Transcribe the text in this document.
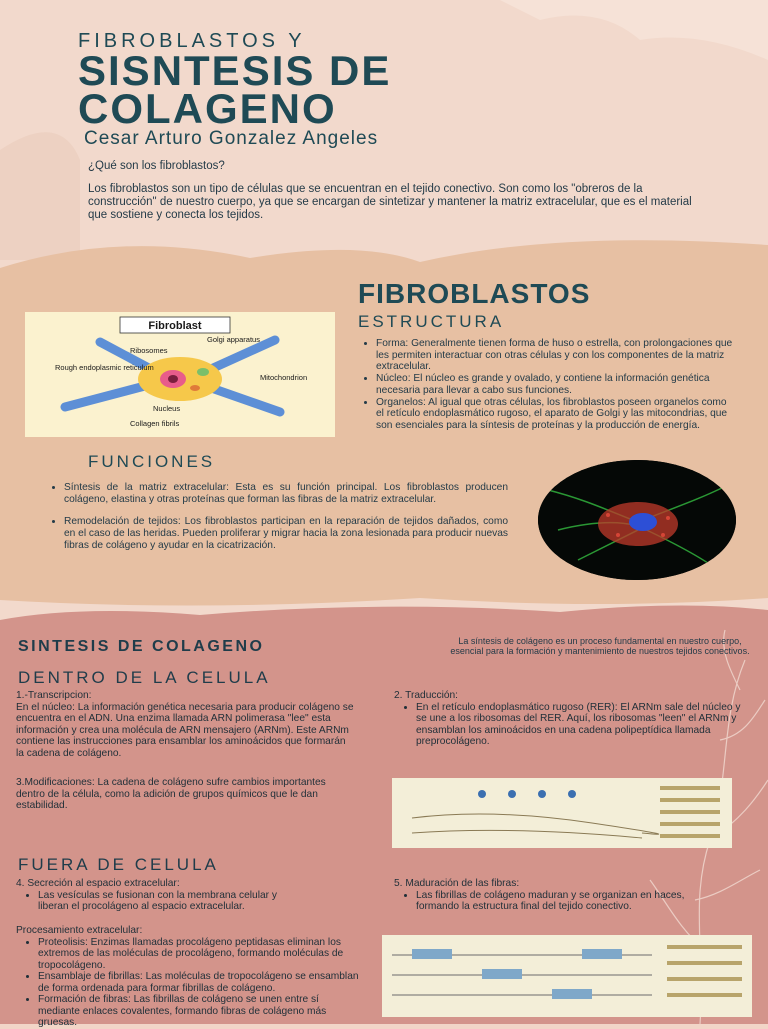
FIBROBLASTOS Y
SISNTESIS DE
COLAGENO
Cesar Arturo Gonzalez Angeles
¿Qué son los fibroblastos?
Los fibroblastos son un tipo de células que se encuentran en el tejido conectivo. Son como los "obreros de la construcción" de nuestro cuerpo, ya que se encargan de sintetizar y mantener la matriz extracelular, que es el material que sostiene y conecta los tejidos.
Fibroblast
Golgi apparatus
Ribosomes
Rough endoplasmic reticulum
Mitochondrion
Nucleus
Collagen fibrils
FIBROBLASTOS
ESTRUCTURA
• Forma: Generalmente tienen forma de huso o estrella, con prolongaciones que les permiten interactuar con otras células y con los componentes de la matriz extracelular.
• Núcleo: El núcleo es grande y ovalado, y contiene la información genética necesaria para llevar a cabo sus funciones.
• Organelos: Al igual que otras células, los fibroblastos poseen organelos como el retículo endoplasmático rugoso, el aparato de Golgi y las mitocondrias, que son esenciales para la síntesis de proteínas y la producción de energía.
FUNCIONES
• Síntesis de la matriz extracelular: Esta es su función principal. Los fibroblastos producen colágeno, elastina y otras proteínas que forman las fibras de la matriz extracelular.
• Remodelación de tejidos: Los fibroblastos participan en la reparación de tejidos dañados, como en el caso de las heridas. Pueden proliferar y migrar hacia la zona lesionada para producir nuevas fibras de colágeno y ayudar en la cicatrización.
SINTESIS DE COLAGENO	La síntesis de colágeno es un proceso fundamental en nuestro cuerpo, esencial para la formación y mantenimiento de nuestros tejidos conectivos.
DENTRO DE LA CELULA
1.-Transcripcion:
En el núcleo: La información genética necesaria para producir colágeno se encuentra en el ADN. Una enzima llamada ARN polimerasa "lee" esta información y crea una molécula de ARN mensajero (ARNm). Este ARNm contiene las instrucciones para ensamblar los aminoácidos que formarán la cadena de colágeno.
2. Traducción:
• En el retículo endoplasmático rugoso (RER): El ARNm sale del núcleo y se une a los ribosomas del RER. Aquí, los ribosomas "leen" el ARNm y ensamblan los aminoácidos en una cadena polipeptídica llamada preprocolágeno.
3.Modificaciones: La cadena de colágeno sufre cambios importantes dentro de la célula, como la adición de grupos químicos que le dan estabilidad.
FUERA DE CELULA
4. Secreción al espacio extracelular:
• Las vesículas se fusionan con la membrana celular y liberan el procolágeno al espacio extracelular.
Procesamiento extracelular:
• Proteolisis: Enzimas llamadas procolágeno peptidasas eliminan los extremos de las moléculas de procolágeno, formando moléculas de tropocolágeno.
• Ensamblaje de fibrillas: Las moléculas de tropocolágeno se ensamblan de forma ordenada para formar fibrillas de colágeno.
• Formación de fibras: Las fibrillas de colágeno se unen entre sí mediante enlaces covalentes, formando fibras de colágeno más gruesas.
5. Maduración de las fibras:
• Las fibrillas de colágeno maduran y se organizan en haces, formando la estructura final del tejido conectivo.
